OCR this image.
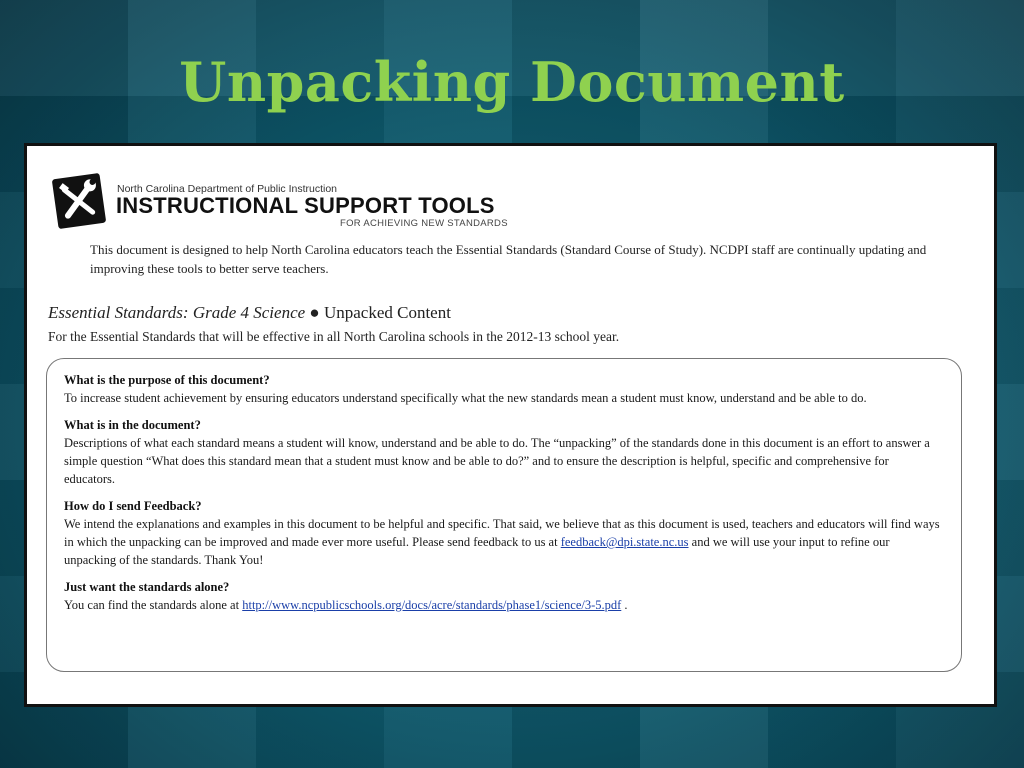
Unpacking Document
North Carolina Department of Public Instruction
INSTRUCTIONAL SUPPORT TOOLS
FOR ACHIEVING NEW STANDARDS
This document is designed to help North Carolina educators teach the Essential Standards (Standard Course of Study). NCDPI staff are continually updating and improving these tools to better serve teachers.
Essential Standards: Grade 4 Science ● Unpacked Content
For the Essential Standards that will be effective in all North Carolina schools in the 2012-13 school year.
What is the purpose of this document?
To increase student achievement by ensuring educators understand specifically what the new standards mean a student must know, understand and be able to do.
What is in the document?
Descriptions of what each standard means a student will know, understand and be able to do. The “unpacking” of the standards done in this document is an effort to answer a simple question “What does this standard mean that a student must know and be able to do?” and to ensure the description is helpful, specific and comprehensive for educators.
How do I send Feedback?
We intend the explanations and examples in this document to be helpful and specific. That said, we believe that as this document is used, teachers and educators will find ways in which the unpacking can be improved and made ever more useful. Please send feedback to us at feedback@dpi.state.nc.us and we will use your input to refine our unpacking of the standards. Thank You!
Just want the standards alone?
You can find the standards alone at http://www.ncpublicschools.org/docs/acre/standards/phase1/science/3-5.pdf .
